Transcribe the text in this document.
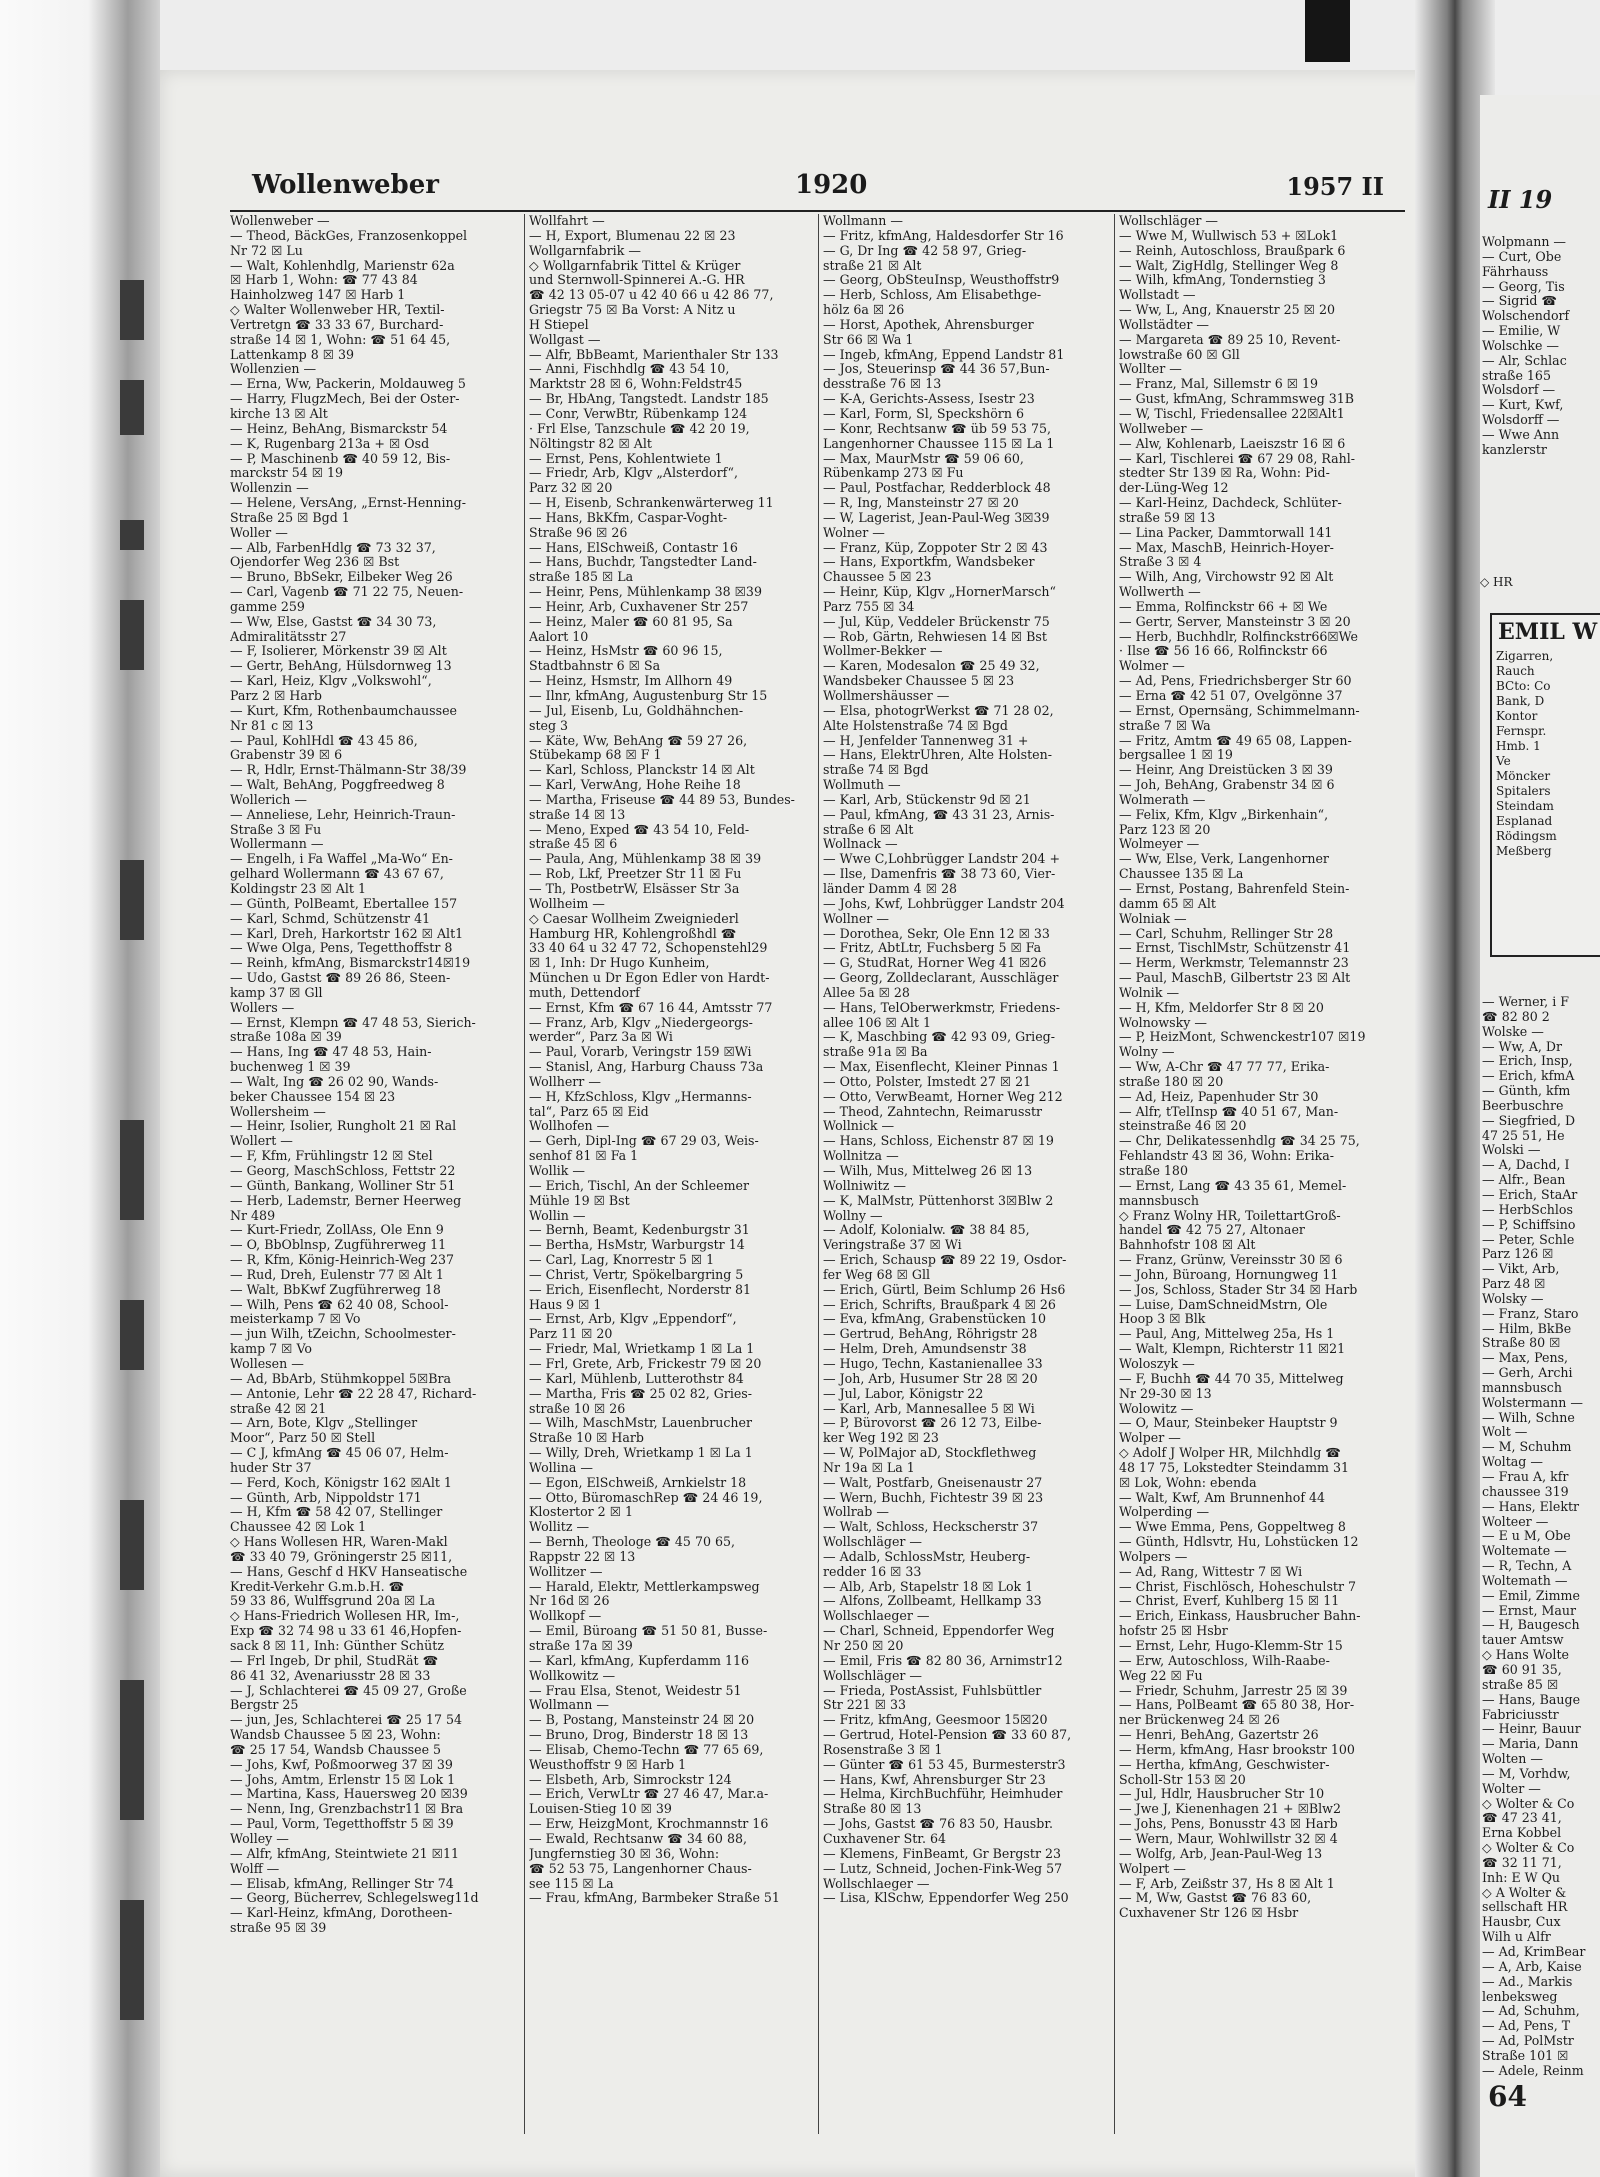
Wollenweber	1920	1957 II
Wollenweber —
— Theod, BäckGes, Franzosenkoppel
Nr 72 ☒ Lu
— Walt, Kohlenhdlg, Marienstr 62a
☒ Harb 1, Wohn: ☎ 77 43 84
Hainholzweg 147 ☒ Harb 1
◇ Walter Wollenweber HR, Textil-
Vertretgn ☎ 33 33 67, Burchard-
straße 14 ☒ 1, Wohn: ☎ 51 64 45,
Lattenkamp 8 ☒ 39
Wollenzien —
— Erna, Ww, Packerin, Moldauweg 5
— Harry, FlugzMech, Bei der Oster-
kirche 13 ☒ Alt
— Heinz, BehAng, Bismarckstr 54
— K, Rugenbarg 213a + ☒ Osd
— P, Maschinenb ☎ 40 59 12, Bis-
marckstr 54 ☒ 19
Wollenzin —
— Helene, VersAng, „Ernst-Henning-
Straße 25 ☒ Bgd 1
Woller —
— Alb, FarbenHdlg ☎ 73 32 37,
Ojendorfer Weg 236 ☒ Bst
— Bruno, BbSekr, Eilbeker Weg 26
— Carl, Vagenb ☎ 71 22 75, Neuen-
gamme 259
— Ww, Else, Gastst ☎ 34 30 73,
Admiralitätsstr 27
— F, Isolierer, Mörkenstr 39 ☒ Alt
— Gertr, BehAng, Hülsdornweg 13
— Karl, Heiz, Klgv „Volkswohl“,
Parz 2 ☒ Harb
— Kurt, Kfm, Rothenbaumchaussee
Nr 81 c ☒ 13
— Paul, KohlHdl ☎ 43 45 86,
Grabenstr 39 ☒ 6
— R, Hdlr, Ernst-Thälmann-Str 38/39
— Walt, BehAng, Poggfreedweg 8
Wollerich —
— Anneliese, Lehr, Heinrich-Traun-
Straße 3 ☒ Fu
Wollermann —
— Engelh, i Fa Waffel „Ma-Wo“ En-
gelhard Wollermann ☎ 43 67 67,
Koldingstr 23 ☒ Alt 1
— Günth, PolBeamt, Ebertallee 157
— Karl, Schmd, Schützenstr 41
— Karl, Dreh, Harkortstr 162 ☒ Alt1
— Wwe Olga, Pens, Tegetthoffstr 8
— Reinh, kfmAng, Bismarckstr14☒19
— Udo, Gastst ☎ 89 26 86, Steen-
kamp 37 ☒ Gll
Wollers —
— Ernst, Klempn ☎ 47 48 53, Sierich-
straße 108a ☒ 39
— Hans, Ing ☎ 47 48 53, Hain-
buchenweg 1 ☒ 39
— Walt, Ing ☎ 26 02 90, Wands-
beker Chaussee 154 ☒ 23
Wollersheim —
— Heinr, Isolier, Rungholt 21 ☒ Ral
Wollert —
— F, Kfm, Frühlingstr 12 ☒ Stel
— Georg, MaschSchloss, Fettstr 22
— Günth, Bankang, Wolliner Str 51
— Herb, Lademstr, Berner Heerweg
Nr 489
— Kurt-Friedr, ZollAss, Ole Enn 9
— O, BbOblnsp, Zugführerweg 11
— R, Kfm, König-Heinrich-Weg 237
— Rud, Dreh, Eulenstr 77 ☒ Alt 1
— Walt, BbKwf Zugführerweg 18
— Wilh, Pens ☎ 62 40 08, School-
meisterkamp 7 ☒ Vo
— jun Wilh, tZeichn, Schoolmester-
kamp 7 ☒ Vo
Wollesen —
— Ad, BbArb, Stühmkoppel 5☒Bra
— Antonie, Lehr ☎ 22 28 47, Richard-
straße 42 ☒ 21
— Arn, Bote, Klgv „Stellinger
Moor“, Parz 50 ☒ Stell
— C J, kfmAng ☎ 45 06 07, Helm-
huder Str 37
— Ferd, Koch, Königstr 162 ☒Alt 1
— Günth, Arb, Nippoldstr 171
— H, Kfm ☎ 58 42 07, Stellinger
Chaussee 42 ☒ Lok 1
◇ Hans Wollesen HR, Waren-Makl
☎ 33 40 79, Gröningerstr 25 ☒11,
— Hans, Geschf d HKV Hanseatische
Kredit-Verkehr G.m.b.H. ☎
59 33 86, Wulffsgrund 20a ☒ La
◇ Hans-Friedrich Wollesen HR, Im-,
Exp ☎ 32 74 98 u 33 61 46,Hopfen-
sack 8 ☒ 11, Inh: Günther Schütz
— Frl Ingeb, Dr phil, StudRät ☎
86 41 32, Avenariusstr 28 ☒ 33
— J, Schlachterei ☎ 45 09 27, Große
Bergstr 25
— jun, Jes, Schlachterei ☎ 25 17 54
Wandsb Chaussee 5 ☒ 23, Wohn:
☎ 25 17 54, Wandsb Chaussee 5
— Johs, Kwf, Poßmoorweg 37 ☒ 39
— Johs, Amtm, Erlenstr 15 ☒ Lok 1
— Martina, Kass, Hauersweg 20 ☒39
— Nenn, Ing, Grenzbachstr11 ☒ Bra
— Paul, Vorm, Tegetthoffstr 5 ☒ 39
Wolley —
— Alfr, kfmAng, Steintwiete 21 ☒11
Wolff —
— Elisab, kfmAng, Rellinger Str 74
— Georg, Bücherrev, Schlegelsweg11d
— Karl-Heinz, kfmAng, Dorotheen-
straße 95 ☒ 39
Wollfahrt —
— H, Export, Blumenau 22 ☒ 23
Wollgarnfabrik —
◇ Wollgarnfabrik Tittel & Krüger
und Sternwoll-Spinnerei A.-G. HR
☎ 42 13 05-07 u 42 40 66 u 42 86 77,
Griegstr 75 ☒ Ba Vorst: A Nitz u
H Stiepel
Wollgast —
— Alfr, BbBeamt, Marienthaler Str 133
— Anni, Fischhdlg ☎ 43 54 10,
Marktstr 28 ☒ 6, Wohn:Feldstr45
— Br, HbAng, Tangstedt. Landstr 185
— Conr, VerwBtr, Rübenkamp 124
· Frl Else, Tanzschule ☎ 42 20 19,
Nöltingstr 82 ☒ Alt
— Ernst, Pens, Kohlentwiete 1
— Friedr, Arb, Klgv „Alsterdorf“,
Parz 32 ☒ 20
— H, Eisenb, Schrankenwärterweg 11
— Hans, BkKfm, Caspar-Voght-
Straße 96 ☒ 26
— Hans, ElSchweiß, Contastr 16
— Hans, Buchdr, Tangstedter Land-
straße 185 ☒ La
— Heinr, Pens, Mühlenkamp 38 ☒39
— Heinr, Arb, Cuxhavener Str 257
— Heinz, Maler ☎ 60 81 95, Sa
Aalort 10
— Heinz, HsMstr ☎ 60 96 15,
Stadtbahnstr 6 ☒ Sa
— Heinz, Hsmstr, Im Allhorn 49
— Ilnr, kfmAng, Augustenburg Str 15
— Jul, Eisenb, Lu, Goldhähnchen-
steg 3
— Käte, Ww, BehAng ☎ 59 27 26,
Stübekamp 68 ☒ F 1
— Karl, Schloss, Planckstr 14 ☒ Alt
— Karl, VerwAng, Hohe Reihe 18
— Martha, Friseuse ☎ 44 89 53, Bundes-
straße 14 ☒ 13
— Meno, Exped ☎ 43 54 10, Feld-
straße 45 ☒ 6
— Paula, Ang, Mühlenkamp 38 ☒ 39
— Rob, Lkf, Preetzer Str 11 ☒ Fu
— Th, PostbetrW, Elsässer Str 3a
Wollheim —
◇ Caesar Wollheim Zweigniederl
Hamburg HR, Kohlengroßhdl ☎
33 40 64 u 32 47 72, Schopenstehl29
☒ 1, Inh: Dr Hugo Kunheim,
München u Dr Egon Edler von Hardt-
muth, Dettendorf
— Ernst, Kfm ☎ 67 16 44, Amtsstr 77
— Franz, Arb, Klgv „Niedergeorgs-
werder“, Parz 3a ☒ Wi
— Paul, Vorarb, Veringstr 159 ☒Wi
— Stanisl, Ang, Harburg Chauss 73a
Wollherr —
— H, KfzSchloss, Klgv „Hermanns-
tal“, Parz 65 ☒ Eid
Wollhofen —
— Gerh, Dipl-Ing ☎ 67 29 03, Weis-
senhof 81 ☒ Fa 1
Wollik —
— Erich, Tischl, An der Schleemer
Mühle 19 ☒ Bst
Wollin —
— Bernh, Beamt, Kedenburgstr 31
— Bertha, HsMstr, Warburgstr 14
— Carl, Lag, Knorrestr 5 ☒ 1
— Christ, Vertr, Spökelbargring 5
— Erich, Eisenflecht, Norderstr 81
Haus 9 ☒ 1
— Ernst, Arb, Klgv „Eppendorf“,
Parz 11 ☒ 20
— Friedr, Mal, Wrietkamp 1 ☒ La 1
— Frl, Grete, Arb, Frickestr 79 ☒ 20
— Karl, Mühlenb, Lutterothstr 84
— Martha, Fris ☎ 25 02 82, Gries-
straße 10 ☒ 26
— Wilh, MaschMstr, Lauenbrucher
Straße 10 ☒ Harb
— Willy, Dreh, Wrietkamp 1 ☒ La 1
Wollina —
— Egon, ElSchweiß, Arnkielstr 18
— Otto, BüromaschRep ☎ 24 46 19,
Klostertor 2 ☒ 1
Wollitz —
— Bernh, Theologe ☎ 45 70 65,
Rappstr 22 ☒ 13
Wollitzer —
— Harald, Elektr, Mettlerkampsweg
Nr 16d ☒ 26
Wollkopf —
— Emil, Büroang ☎ 51 50 81, Busse-
straße 17a ☒ 39
— Karl, kfmAng, Kupferdamm 116
Wollkowitz —
— Frau Elsa, Stenot, Weidestr 51
Wollmann —
— B, Postang, Mansteinstr 24 ☒ 20
— Bruno, Drog, Binderstr 18 ☒ 13
— Elisab, Chemo-Techn ☎ 77 65 69,
Weusthoffstr 9 ☒ Harb 1
— Elsbeth, Arb, Simrockstr 124
— Erich, VerwLtr ☎ 27 46 47, Mar.a-
Louisen-Stieg 10 ☒ 39
— Erw, HeizgMont, Krochmannstr 16
— Ewald, Rechtsanw ☎ 34 60 88,
Jungfernstieg 30 ☒ 36, Wohn:
☎ 52 53 75, Langenhorner Chaus-
see 115 ☒ La
— Frau, kfmAng, Barmbeker Straße 51
Wollmann —
— Fritz, kfmAng, Haldesdorfer Str 16
— G, Dr Ing ☎ 42 58 97, Grieg-
straße 21 ☒ Alt
— Georg, ObSteuInsp, Weusthoffstr9
— Herb, Schloss, Am Elisabethge-
hölz 6a ☒ 26
— Horst, Apothek, Ahrensburger
Str 66 ☒ Wa 1
— Ingeb, kfmAng, Eppend Landstr 81
— Jos, Steuerinsp ☎ 44 36 57,Bun-
desstraße 76 ☒ 13
— K-A, Gerichts-Assess, Isestr 23
— Karl, Form, Sl, Speckshörn 6
— Konr, Rechtsanw ☎ üb 59 53 75,
Langenhorner Chaussee 115 ☒ La 1
— Max, MaurMstr ☎ 59 06 60,
Rübenkamp 273 ☒ Fu
— Paul, Postfachar, Redderblock 48
— R, Ing, Mansteinstr 27 ☒ 20
— W, Lagerist, Jean-Paul-Weg 3☒39
Wolner —
— Franz, Küp, Zoppoter Str 2 ☒ 43
— Hans, Exportkfm, Wandsbeker
Chaussee 5 ☒ 23
— Heinr, Küp, Klgv „HornerMarsch“
Parz 755 ☒ 34
— Jul, Küp, Veddeler Brückenstr 75
— Rob, Gärtn, Rehwiesen 14 ☒ Bst
Wollmer-Bekker —
— Karen, Modesalon ☎ 25 49 32,
Wandsbeker Chaussee 5 ☒ 23
Wollmershäusser —
— Elsa, photogrWerkst ☎ 71 28 02,
Alte Holstenstraße 74 ☒ Bgd
— H, Jenfelder Tannenweg 31 +
— Hans, ElektrUhren, Alte Holsten-
straße 74 ☒ Bgd
Wollmuth —
— Karl, Arb, Stückenstr 9d ☒ 21
— Paul, kfmAng, ☎ 43 31 23, Arnis-
straße 6 ☒ Alt
Wollnack —
— Wwe C,Lohbrügger Landstr 204 +
— Ilse, Damenfris ☎ 38 73 60, Vier-
länder Damm 4 ☒ 28
— Johs, Kwf, Lohbrügger Landstr 204
Wollner —
— Dorothea, Sekr, Ole Enn 12 ☒ 33
— Fritz, AbtLtr, Fuchsberg 5 ☒ Fa
— G, StudRat, Horner Weg 41 ☒26
— Georg, Zolldeclarant, Ausschläger
Allee 5a ☒ 28
— Hans, TelOberwerkmstr, Friedens-
allee 106 ☒ Alt 1
— K, Maschbing ☎ 42 93 09, Grieg-
straße 91a ☒ Ba
— Max, Eisenflecht, Kleiner Pinnas 1
— Otto, Polster, Imstedt 27 ☒ 21
— Otto, VerwBeamt, Horner Weg 212
— Theod, Zahntechn, Reimarusstr
Wollnick —
— Hans, Schloss, Eichenstr 87 ☒ 19
Wollnitza —
— Wilh, Mus, Mittelweg 26 ☒ 13
Wollniwitz —
— K, MalMstr, Püttenhorst 3☒Blw 2
Wollny —
— Adolf, Kolonialw. ☎ 38 84 85,
Veringstraße 37 ☒ Wi
— Erich, Schausp ☎ 89 22 19, Osdor-
fer Weg 68 ☒ Gll
— Erich, Gürtl, Beim Schlump 26 Hs6
— Erich, Schrifts, Braußpark 4 ☒ 26
— Eva, kfmAng, Grabenstücken 10
— Gertrud, BehAng, Röhrigstr 28
— Helm, Dreh, Amundsenstr 38
— Hugo, Techn, Kastanienallee 33
— Joh, Arb, Husumer Str 28 ☒ 20
— Jul, Labor, Königstr 22
— Karl, Arb, Mannesallee 5 ☒ Wi
— P, Bürovorst ☎ 26 12 73, Eilbe-
ker Weg 192 ☒ 23
— W, PolMajor aD, Stockflethweg
Nr 19a ☒ La 1
— Walt, Postfarb, Gneisenaustr 27
— Wern, Buchh, Fichtestr 39 ☒ 23
Wollrab —
— Walt, Schloss, Heckscherstr 37
Wollschläger —
— Adalb, SchlossMstr, Heuberg-
redder 16 ☒ 33
— Alb, Arb, Stapelstr 18 ☒ Lok 1
— Alfons, Zollbeamt, Hellkamp 33
Wollschlaeger —
— Charl, Schneid, Eppendorfer Weg
Nr 250 ☒ 20
— Emil, Fris ☎ 82 80 36, Arnimstr12
Wollschläger —
— Frieda, PostAssist, Fuhlsbüttler
Str 221 ☒ 33
— Fritz, kfmAng, Geesmoor 15☒20
— Gertrud, Hotel-Pension ☎ 33 60 87,
Rosenstraße 3 ☒ 1
— Günter ☎ 61 53 45, Burmesterstr3
— Hans, Kwf, Ahrensburger Str 23
— Helma, KirchBuchführ, Heimhuder
Straße 80 ☒ 13
— Johs, Gastst ☎ 76 83 50, Hausbr.
Cuxhavener Str. 64
— Klemens, FinBeamt, Gr Bergstr 23
— Lutz, Schneid, Jochen-Fink-Weg 57
Wollschlaeger —
— Lisa, KlSchw, Eppendorfer Weg 250
Wollschläger —
— Wwe M, Wullwisch 53 + ☒Lok1
— Reinh, Autoschloss, Braußpark 6
— Walt, ZigHdlg, Stellinger Weg 8
— Wilh, kfmAng, Tondernstieg 3
Wollstadt —
— Ww, L, Ang, Knauerstr 25 ☒ 20
Wollstädter —
— Margareta ☎ 89 25 10, Revent-
lowstraße 60 ☒ Gll
Wollter —
— Franz, Mal, Sillemstr 6 ☒ 19
— Gust, kfmAng, Schrammsweg 31B
— W, Tischl, Friedensallee 22☒Alt1
Wollweber —
— Alw, Kohlenarb, Laeiszstr 16 ☒ 6
— Karl, Tischlerei ☎ 67 29 08, Rahl-
stedter Str 139 ☒ Ra, Wohn: Pid-
der-Lüng-Weg 12
— Karl-Heinz, Dachdeck, Schlüter-
straße 59 ☒ 13
— Lina Packer, Dammtorwall 141
— Max, MaschB, Heinrich-Hoyer-
Straße 3 ☒ 4
— Wilh, Ang, Virchowstr 92 ☒ Alt
Wollwerth —
— Emma, Rolfinckstr 66 + ☒ We
— Gertr, Server, Mansteinstr 3 ☒ 20
— Herb, Buchhdlr, Rolfinckstr66☒We
· Ilse ☎ 56 16 66, Rolfinckstr 66
Wolmer —
— Ad, Pens, Friedrichsberger Str 60
— Erna ☎ 42 51 07, Ovelgönne 37
— Ernst, Opernsäng, Schimmelmann-
straße 7 ☒ Wa
— Fritz, Amtm ☎ 49 65 08, Lappen-
bergsallee 1 ☒ 19
— Heinr, Ang Dreistücken 3 ☒ 39
— Joh, BehAng, Grabenstr 34 ☒ 6
Wolmerath —
— Felix, Kfm, Klgv „Birkenhain“,
Parz 123 ☒ 20
Wolmeyer —
— Ww, Else, Verk, Langenhorner
Chaussee 135 ☒ La
— Ernst, Postang, Bahrenfeld Stein-
damm 65 ☒ Alt
Wolniak —
— Carl, Schuhm, Rellinger Str 28
— Ernst, TischlMstr, Schützenstr 41
— Herm, Werkmstr, Telemannstr 23
— Paul, MaschB, Gilbertstr 23 ☒ Alt
Wolnik —
— H, Kfm, Meldorfer Str 8 ☒ 20
Wolnowsky —
— P, HeizMont, Schwenckestr107 ☒19
Wolny —
— Ww, A-Chr ☎ 47 77 77, Erika-
straße 180 ☒ 20
— Ad, Heiz, Papenhuder Str 30
— Alfr, tTelInsp ☎ 40 51 67, Man-
steinstraße 46 ☒ 20
— Chr, Delikatessenhdlg ☎ 34 25 75,
Fehlandstr 43 ☒ 36, Wohn: Erika-
straße 180
— Ernst, Lang ☎ 43 35 61, Memel-
mannsbusch
◇ Franz Wolny HR, ToilettartGroß-
handel ☎ 42 75 27, Altonaer
Bahnhofstr 108 ☒ Alt
— Franz, Grünw, Vereinsstr 30 ☒ 6
— John, Büroang, Hornungweg 11
— Jos, Schloss, Stader Str 34 ☒ Harb
— Luise, DamSchneidMstrn, Ole
Hoop 3 ☒ Blk
— Paul, Ang, Mittelweg 25a, Hs 1
— Walt, Klempn, Richterstr 11 ☒21
Woloszyk —
— F, Buchh ☎ 44 70 35, Mittelweg
Nr 29-30 ☒ 13
Wolowitz —
— O, Maur, Steinbeker Hauptstr 9
Wolper —
◇ Adolf J Wolper HR, Milchhdlg ☎
48 17 75, Lokstedter Steindamm 31
☒ Lok, Wohn: ebenda
— Walt, Kwf, Am Brunnenhof 44
Wolperding —
— Wwe Emma, Pens, Goppeltweg 8
— Günth, Hdlsvtr, Hu, Lohstücken 12
Wolpers —
— Ad, Rang, Wittestr 7 ☒ Wi
— Christ, Fischlösch, Hoheschulstr 7
— Christ, Everf, Kuhlberg 15 ☒ 11
— Erich, Einkass, Hausbrucher Bahn-
hofstr 25 ☒ Hsbr
— Ernst, Lehr, Hugo-Klemm-Str 15
— Erw, Autoschloss, Wilh-Raabe-
Weg 22 ☒ Fu
— Friedr, Schuhm, Jarrestr 25 ☒ 39
— Hans, PolBeamt ☎ 65 80 38, Hor-
ner Brückenweg 24 ☒ 26
— Henri, BehAng, Gazertstr 26
— Herm, kfmAng, Hasr brookstr 100
— Hertha, kfmAng, Geschwister-
Scholl-Str 153 ☒ 20
— Jul, Hdlr, Hausbrucher Str 10
— Jwe J, Kienenhagen 21 + ☒Blw2
— Johs, Pens, Bonusstr 43 ☒ Harb
— Wern, Maur, Wohlwillstr 32 ☒ 4
— Wolfg, Arb, Jean-Paul-Weg 13
Wolpert —
— F, Arb, Zeißstr 37, Hs 8 ☒ Alt 1
— M, Ww, Gastst ☎ 76 83 60,
Cuxhavener Str 126 ☒ Hsbr
II 19
Wolpmann —
— Curt, Obe
Fährhauss
— Georg, Tis
— Sigrid ☎
Wolschendorf
— Emilie, W
Wolschke —
— Alr, Schlac
straße 165
Wolsdorf —
— Kurt, Kwf,
Wolsdorff —
— Wwe Ann
kanzlerstr
EMIL W
Zigarren,
Rauch
BCto: Co
Bank, D
Kontor
Fernspr.
Hmb. 1
Ve
Möncker
Spitalers
Steindam
Esplanad
Rödingsm
Meßberg
◇ HR
— Werner, i F
☎ 82 80 2
Wolske —
— Ww, A, Dr
— Erich, Insp,
— Erich, kfmA
— Günth, kfm
Beerbuschre
— Siegfried, D
47 25 51, He
Wolski —
— A, Dachd, I
— Alfr., Bean
— Erich, StaAr
— HerbSchlos
— P, Schiffsino
— Peter, Schle
Parz 126 ☒
— Vikt, Arb,
Parz 48 ☒
Wolsky —
— Franz, Staro
— Hilm, BkBe
Straße 80 ☒
— Max, Pens,
— Gerh, Archi
mannsbusch
Wolstermann —
— Wilh, Schne
Wolt —
— M, Schuhm
Woltag —
— Frau A, kfr
chaussee 319
— Hans, Elektr
Wolteer —
— E u M, Obe
Woltemate —
— R, Techn, A
Woltemath —
— Emil, Zimme
— Ernst, Maur
— H, Baugesch
tauer Amtsw
◇ Hans Wolte
☎ 60 91 35,
straße 85 ☒
— Hans, Bauge
Fabriciusstr
— Heinr, Bauur
— Maria, Dann
Wolten —
— M, Vorhdw,
Wolter —
◇ Wolter & Co
☎ 47 23 41,
Erna Kobbel
◇ Wolter & Co
☎ 32 11 71,
Inh: E W Qu
◇ A Wolter &
sellschaft HR
Hausbr, Cux
Wilh u Alfr
— Ad, KrimBear
— A, Arb, Kaise
— Ad., Markis
lenbeksweg
— Ad, Schuhm,
— Ad, Pens, T
— Ad, PolMstr
Straße 101 ☒
— Adele, Reinm
64
